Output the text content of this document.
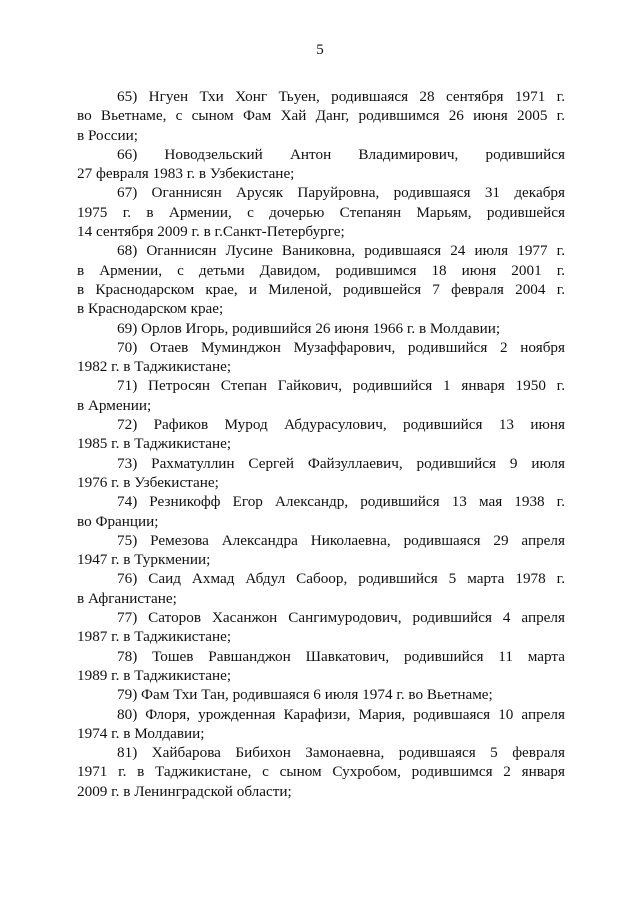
5
65) Нгуен Тхи Хонг Тьуен, родившаяся 28 сентября 1971 г.
во Вьетнаме, с сыном Фам Хай Данг, родившимся 26 июня 2005 г.
в России;
66) Новодзельский Антон Владимирович, родившийся
27 февраля 1983 г. в Узбекистане;
67) Оганнисян Арусяк Паруйровна, родившаяся 31 декабря
1975 г. в Армении, с дочерью Степанян Марьям, родившейся
14 сентября 2009 г. в г.Санкт-Петербурге;
68) Оганнисян Лусине Ваниковна, родившаяся 24 июля 1977 г.
в Армении, с детьми Давидом, родившимся 18 июня 2001 г.
в Краснодарском крае, и Миленой, родившейся 7 февраля 2004 г.
в Краснодарском крае;
69) Орлов Игорь, родившийся 26 июня 1966 г. в Молдавии;
70) Отаев Муминджон Музаффарович, родившийся 2 ноября
1982 г. в Таджикистане;
71) Петросян Степан Гайкович, родившийся 1 января 1950 г.
в Армении;
72) Рафиков Мурод Абдурасулович, родившийся 13 июня
1985 г. в Таджикистане;
73) Рахматуллин Сергей Файзуллаевич, родившийся 9 июля
1976 г. в Узбекистане;
74) Резникофф Егор Александр, родившийся 13 мая 1938 г.
во Франции;
75) Ремезова Александра Николаевна, родившаяся 29 апреля
1947 г. в Туркмении;
76) Саид Ахмад Абдул Сабоор, родившийся 5 марта 1978 г.
в Афганистане;
77) Саторов Хасанжон Сангимуродович, родившийся 4 апреля
1987 г. в Таджикистане;
78) Тошев Равшанджон Шавкатович, родившийся 11 марта
1989 г. в Таджикистане;
79) Фам Тхи Тан, родившаяся 6 июля 1974 г. во Вьетнаме;
80) Флоря, урожденная Карафизи, Мария, родившаяся 10 апреля
1974 г. в Молдавии;
81) Хайбарова Бибихон Замонаевна, родившаяся 5 февраля
1971 г. в Таджикистане, с сыном Сухробом, родившимся 2 января
2009 г. в Ленинградской области;
